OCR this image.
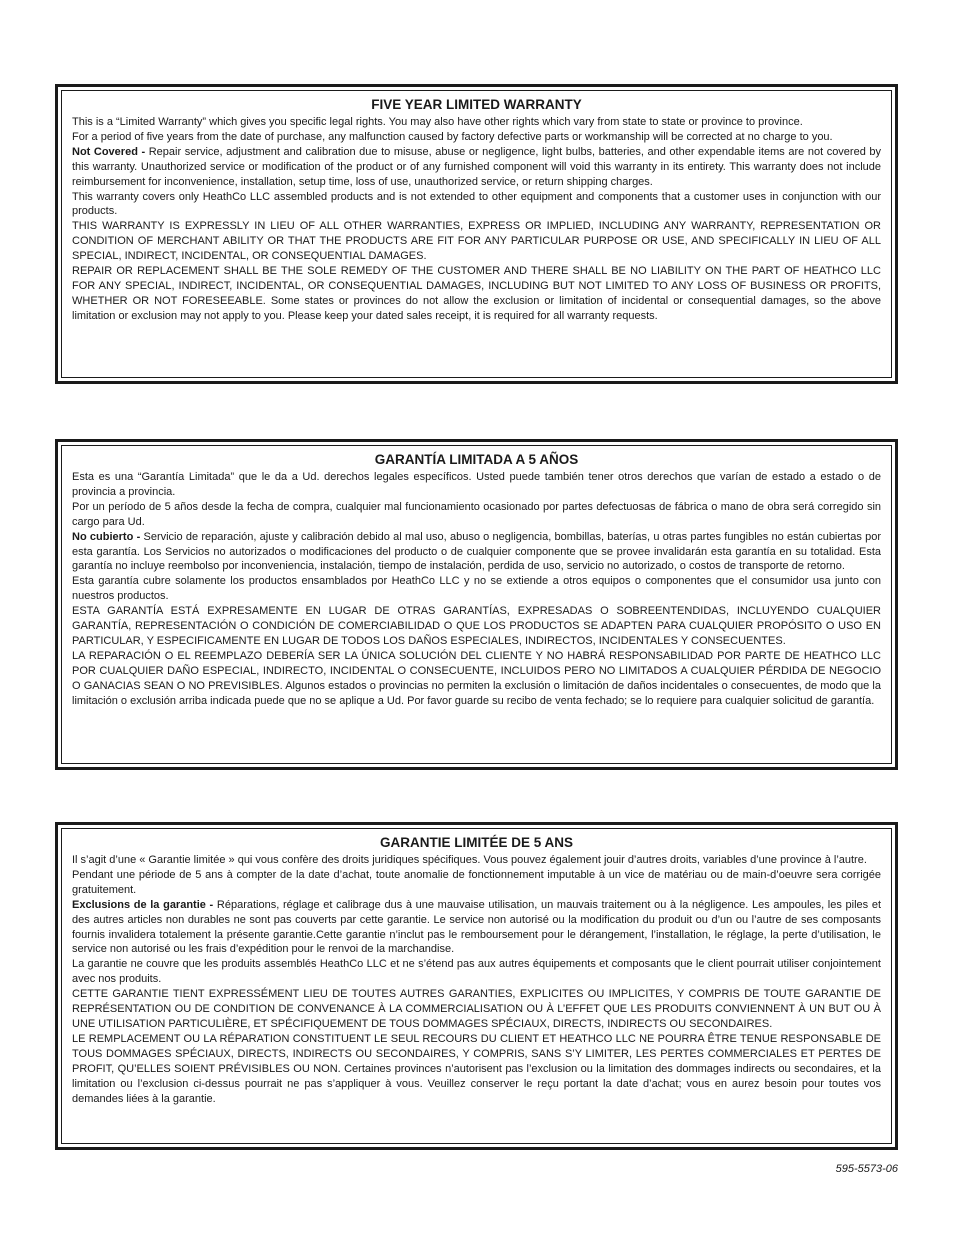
FIVE YEAR LIMITED WARRANTY

This is a “Limited Warranty” which gives you specific legal rights. You may also have other rights which vary from state to state or province to province.

For a period of five years from the date of purchase, any malfunction caused by factory defective parts or workmanship will be corrected at no charge to you.

Not Covered - Repair service, adjustment and calibration due to misuse, abuse or negligence, light bulbs, batteries, and other expendable items are not covered by this warranty. Unauthorized service or modification of the product or of any furnished component will void this warranty in its entirety. This warranty does not include reimbursement for inconvenience, installation, setup time, loss of use, unauthorized service, or return shipping charges.

This warranty covers only HeathCo LLC assembled products and is not extended to other equipment and components that a customer uses in conjunction with our products.

THIS WARRANTY IS EXPRESSLY IN LIEU OF ALL OTHER WARRANTIES, EXPRESS OR IMPLIED, INCLUDING ANY WARRANTY, REPRESENTATION OR CONDITION OF MERCHANT ABILITY OR THAT THE PRODUCTS ARE FIT FOR ANY PARTICULAR PURPOSE OR USE, AND SPECIFICALLY IN LIEU OF ALL SPECIAL, INDIRECT, INCIDENTAL, OR CONSEQUENTIAL DAMAGES.

REPAIR OR REPLACEMENT SHALL BE THE SOLE REMEDY OF THE CUSTOMER AND THERE SHALL BE NO LIABILITY ON THE PART OF HEATHCO LLC FOR ANY SPECIAL, INDIRECT, INCIDENTAL, OR CONSEQUENTIAL DAMAGES, INCLUDING BUT NOT LIMITED TO ANY LOSS OF BUSINESS OR PROFITS, WHETHER OR NOT FORESEEABLE. Some states or provinces do not allow the exclusion or limitation of incidental or consequential damages, so the above limitation or exclusion may not apply to you. Please keep your dated sales receipt, it is required for all warranty requests.

GARANTÍA LIMITADA A 5 AÑOS

Esta es una “Garantía Limitada” que le da a Ud. derechos legales específicos. Usted puede también tener otros derechos que varían de estado a estado o de provincia a provincia.

Por un período de 5 años desde la fecha de compra, cualquier mal funcionamiento ocasionado por partes defectuosas de fábrica o mano de obra será corregido sin cargo para Ud.

No cubierto - Servicio de reparación, ajuste y calibración debido al mal uso, abuso o negligencia, bombillas, baterías, u otras partes fungibles no están cubiertas por esta garantía. Los Servicios no autorizados o modificaciones del producto o de cualquier componente que se provee invalidarán esta garantía en su totalidad. Esta garantía no incluye reembolso por inconveniencia, instalación, tiempo de instalación, perdida de uso, servicio no autorizado, o costos de transporte de retorno.

Esta garantía cubre solamente los productos ensamblados por HeathCo LLC y no se extiende a otros equipos o componentes que el consumidor usa junto con nuestros productos.

ESTA GARANTÍA ESTÁ EXPRESAMENTE EN LUGAR DE OTRAS GARANTÍAS, EXPRESADAS O SOBREENTENDIDAS, INCLUYENDO CUALQUIER GARANTÍA, REPRESENTACIÓN O CONDICIÓN DE COMERCIABILIDAD O QUE LOS PRODUCTOS SE ADAPTEN PARA CUALQUIER PROPÓSITO O USO EN PARTICULAR, Y ESPECIFICAMENTE EN LUGAR DE TODOS LOS DAÑOS ESPECIALES, INDIRECTOS, INCIDENTALES Y CONSECUENTES.

LA REPARACIÓN O EL REEMPLAZO DEBERÍA SER LA ÚNICA SOLUCIÓN DEL CLIENTE Y NO HABRÁ RESPONSABILIDAD POR PARTE DE HEATHCO LLC POR CUALQUIER DAÑO ESPECIAL, INDIRECTO, INCIDENTAL O CONSECUENTE, INCLUIDOS PERO NO LIMITADOS A CUALQUIER PÉRDIDA DE NEGOCIO O GANACIAS SEAN O NO PREVISIBLES. Algunos estados o provincias no permiten la exclusión o limitación de daños incidentales o consecuentes, de modo que la limitación o exclusión arriba indicada puede que no se aplique a Ud. Por favor guarde su recibo de venta fechado; se lo requiere para cualquier solicitud de garantía.

GARANTIE LIMITÉE DE 5 ANS

Il s’agit d’une « Garantie limitée » qui vous confère des droits juridiques spécifiques. Vous pouvez également jouir d’autres droits, variables d’une province à l’autre.

Pendant une période de 5 ans à compter de la date d’achat, toute anomalie de fonctionnement imputable à un vice de matériau ou de main-d’oeuvre sera corrigée gratuitement.

Exclusions de la garantie - Réparations, réglage et calibrage dus à une mauvaise utilisation, un mauvais traitement ou à la négligence. Les ampoules, les piles et des autres articles non durables ne sont pas couverts par cette garantie. Le service non autorisé ou la modification du produit ou d’un ou l’autre de ses composants fournis invalidera totalement la présente garantie.Cette garantie n’inclut pas le remboursement pour le dérangement, l’installation, le réglage, la perte d’utilisation, le service non autorisé ou les frais d’expédition pour le renvoi de la marchandise.

La garantie ne couvre que les produits assemblés HeathCo LLC et ne s’étend pas aux autres équipements et composants que le client pourrait utiliser conjointement avec nos produits.

CETTE GARANTIE TIENT EXPRESSÉMENT LIEU DE TOUTES AUTRES GARANTIES, EXPLICITES OU IMPLICITES, Y COMPRIS DE TOUTE GARANTIE DE REPRÉSENTATION OU DE CONDITION DE CONVENANCE À LA COMMERCIALISATION OU À L’EFFET QUE LES PRODUITS CONVIENNENT À UN BUT OU À UNE UTILISATION PARTICULIÈRE, ET SPÉCIFIQUEMENT DE TOUS DOMMAGES SPÉCIAUX, DIRECTS, INDIRECTS OU SECONDAIRES.

LE REMPLACEMENT OU LA RÉPARATION CONSTITUENT LE SEUL RECOURS DU CLIENT ET HEATHCO LLC NE POURRA ÊTRE TENUE RESPONSABLE DE TOUS DOMMAGES SPÉCIAUX, DIRECTS, INDIRECTS OU SECONDAIRES, Y COMPRIS, SANS S’Y LIMITER, LES PERTES COMMERCIALES ET PERTES DE PROFIT, QU’ELLES SOIENT PRÉVISIBLES OU NON. Certaines provinces n’autorisent pas l’exclusion ou la limitation des dommages indirects ou secondaires, et la limitation ou l’exclusion ci-dessus pourrait ne pas s’appliquer à vous. Veuillez conserver le reçu portant la date d’achat; vous en aurez besoin pour toutes vos demandes liées à la garantie.

595-5573-06
